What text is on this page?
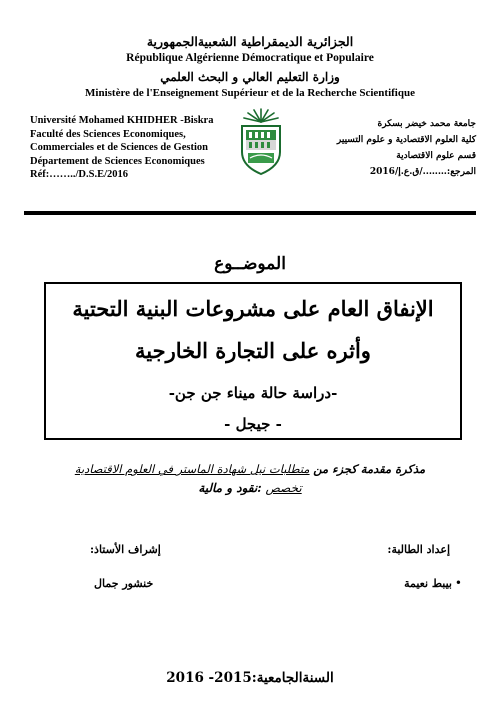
الجزائرية الديمقراطية الشعبيةالجمهورية
République Algérienne Démocratique et Populaire
وزارة التعليم العالي و البحث العلمي
Ministère de l'Enseignement Supérieur et de la Recherche Scientifique
Université Mohamed KHIDHER -Biskra
Faculté des Sciences Economiques,
Commerciales et de Sciences de Gestion
Département de Sciences Economiques
Réf:……../D.S.E/2016
جامعة محمد خيضر بسكرة
كلية العلوم الاقتصادية و علوم التسيير
قسم علوم الاقتصادية
المرجع:……../ق.ع.إ/2016
الموضــوع
الإنفاق العام على مشروعات البنية التحتية
وأثره على التجارة الخارجية
-دراسة حالة ميناء جن جن-
- جيجل -
مذكرة مقدمة كجزء من متطلبات نيل شهادة الماستر في العلوم الاقتصادية
تخصص :نقود و مالية
إعداد الطالبة:
إشراف الأستاذ:
بيبط نعيمة •
خنشور جمال
السنةالجامعية:2015- 2016
